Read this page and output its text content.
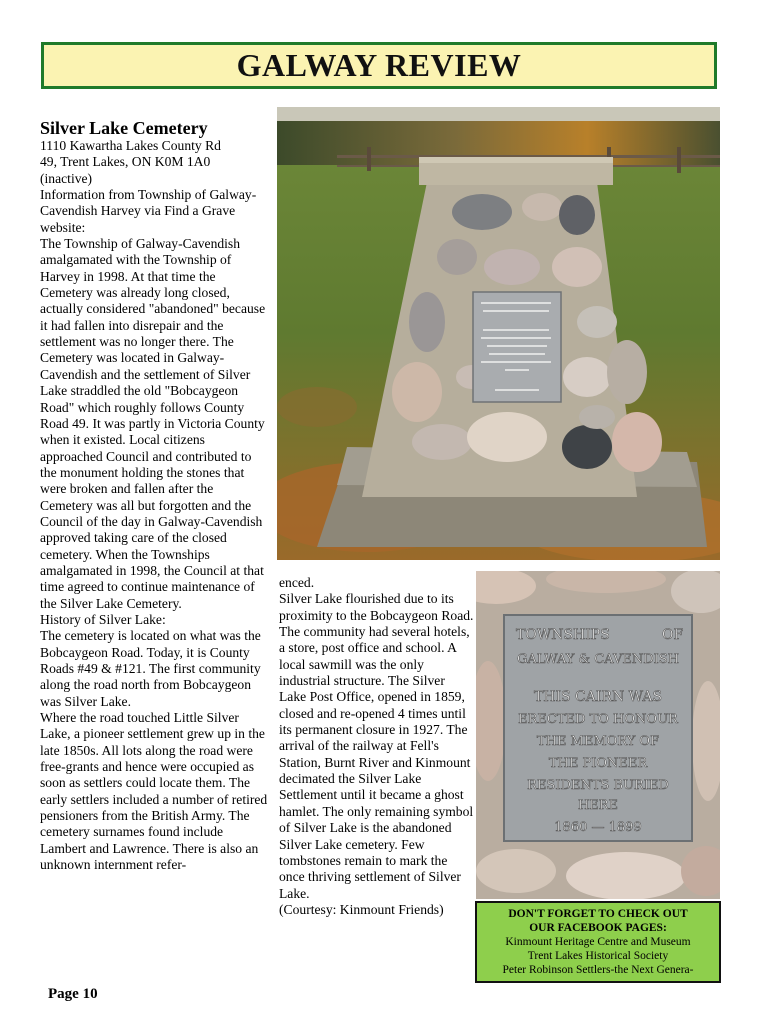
GALWAY REVIEW
Silver Lake Cemetery

1110 Kawartha Lakes County Rd

49, Trent Lakes, ON K0M 1A0

(inactive)

Information from Township of Galway-Cavendish Harvey via Find a Grave website:

The Township of Galway-Cavendish amalgamated with the Township of Harvey in 1998. At that time the Cemetery was already long closed, actually considered "abandoned" because it had fallen into disrepair and the settlement was no longer there. The Cemetery was located in Galway-Cavendish and the settlement of Silver Lake straddled the old "Bobcaygeon Road" which roughly follows County Road 49. It was partly in Victoria County when it existed. Local citizens approached Council and contributed to the monument holding the stones that were broken and fallen after the Cemetery was all but forgotten and the Council of the day in Galway-Cavendish approved taking care of the closed cemetery. When the Townships amalgamated in 1998, the Council at that time agreed to continue maintenance of the Silver Lake Cemetery.

History of Silver Lake:

The cemetery is located on what was the Bobcaygeon Road. Today, it is County Roads #49 & #121. The first community along the road north from Bobcaygeon was Silver Lake.

Where the road touched Little Silver Lake, a pioneer settlement grew up in the late 1850s. All lots along the road were free-grants and hence were occupied as soon as settlers could locate them. The early settlers included a number of retired pensioners from the British Army. The cemetery surnames found include Lambert and Lawrence. There is also an unknown internment refer-

TOWNSHIPS	OF
GALWAY & CAVENDISH
THIS CAIRN WAS
ERECTED TO HONOUR
THE MEMORY OF
THE PIONEER
RESIDENTS BURIED
HERE
1860 — 1899

enced.

Silver Lake flourished due to its proximity to the Bobcaygeon Road. The community had several hotels, a store, post office and school. A local sawmill was the only industrial structure. The Silver Lake Post Office, opened in 1859, closed and re-opened 4 times until its permanent closure in 1927. The arrival of the railway at Fell's Station, Burnt River and Kinmount decimated the Silver Lake Settlement until it became a ghost hamlet. The only remaining symbol of Silver Lake is the abandoned Silver Lake cemetery. Few tombstones remain to mark the once thriving settlement of Silver Lake.

(Courtesy: Kinmount Friends)	DON'T FORGET TO CHECK OUT
OUR FACEBOOK PAGES:
Kinmount Heritage Centre and Museum
Trent Lakes Historical Society
Peter Robinson Settlers-the Next Genera-
Page 10
